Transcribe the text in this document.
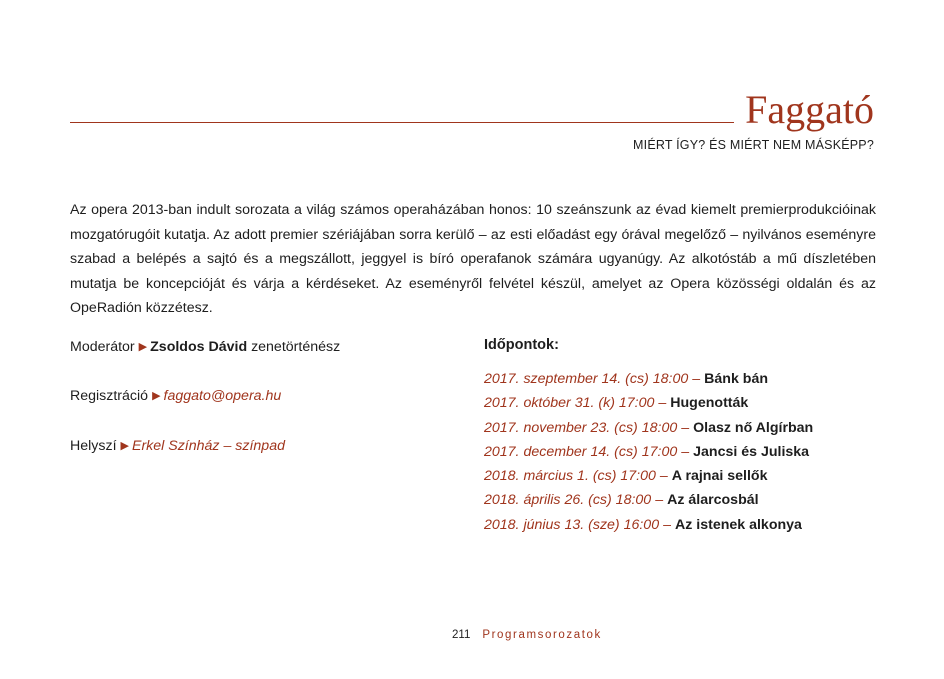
Faggató
MIÉRT ÍGY? ÉS MIÉRT NEM MÁSKÉPP?

Az opera 2013-ban indult sorozata a világ számos operaházában honos: 10 szeánszunk az évad kiemelt premierprodukcióinak mozgatórugóit kutatja. Az adott premier szériájában sorra kerülő – az esti előadást egy órával megelőző – nyilvános eseményre szabad a belépés a sajtó és a megszállott, jeggyel is bíró operafanok számára ugyanúgy. Az alkotóstáb a mű díszletében mutatja be koncepcióját és várja a kérdéseket. Az eseményről felvétel készül, amelyet az Opera közösségi oldalán és az OpeRadión közzétesz.

Moderátor ▶ Zsoldos Dávid zenetörténész
Regisztráció ▶ faggato@opera.hu
Helyszí ▶ Erkel Színház – színpad
Időpontok:
2017. szeptember 14. (cs) 18:00 – Bánk bán
2017. október 31. (k) 17:00 – Hugenották
2017. november 23. (cs) 18:00 – Olasz nő Algírban
2017. december 14. (cs) 17:00 – Jancsi és Juliska
2018. március 1. (cs) 17:00 – A rajnai sellők
2018. április 26. (cs) 18:00 – Az álarcosbál
2018. június 13. (sze) 16:00 – Az istenek alkonya
211 Programsorozatok
